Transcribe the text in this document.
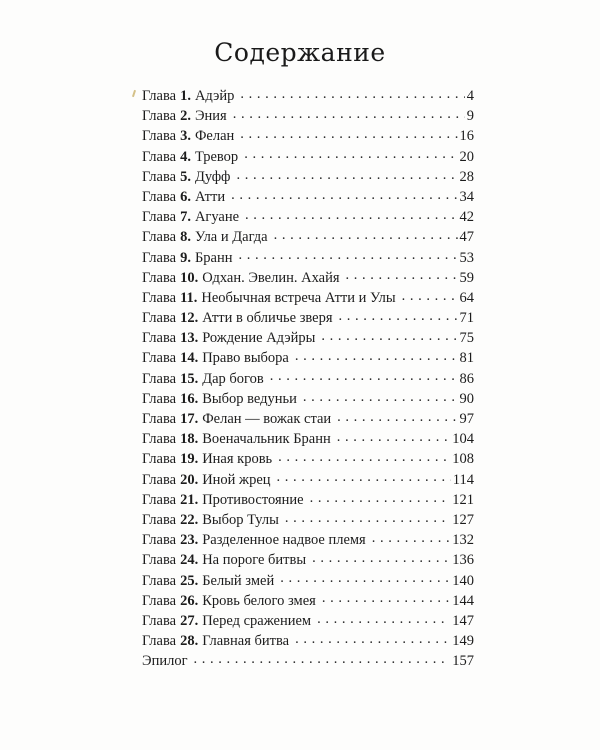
Содержание
Глава 1. Адэйр . . .	4
Глава 2. Эния . . .	9
Глава 3. Фелан . . .	16
Глава 4. Тревор . . .	20
Глава 5. Дуфф . . .	28
Глава 6. Атти . . .	34
Глава 7. Агуане . . .	42
Глава 8. Ула и Дагда . . .	47
Глава 9. Бранн . . .	53
Глава 10. Одхан. Эвелин. Ахайя . . .	59
Глава 11. Необычная встреча Атти и Улы . . .	64
Глава 12. Атти в обличье зверя . . .	71
Глава 13. Рождение Адэйры . . .	75
Глава 14. Право выбора . . .	81
Глава 15. Дар богов . . .	86
Глава 16. Выбор ведуньи . . .	90
Глава 17. Фелан — вожак стаи . . .	97
Глава 18. Военачальник Бранн . . .	104
Глава 19. Иная кровь . . .	108
Глава 20. Иной жрец . . .	114
Глава 21. Противостояние . . .	121
Глава 22. Выбор Тулы . . .	127
Глава 23. Разделенное надвое племя . . .	132
Глава 24. На пороге битвы . . .	136
Глава 25. Белый змей . . .	140
Глава 26. Кровь белого змея . . .	144
Глава 27. Перед сражением . . .	147
Глава 28. Главная битва . . .	149
Эпилог . . .	157
